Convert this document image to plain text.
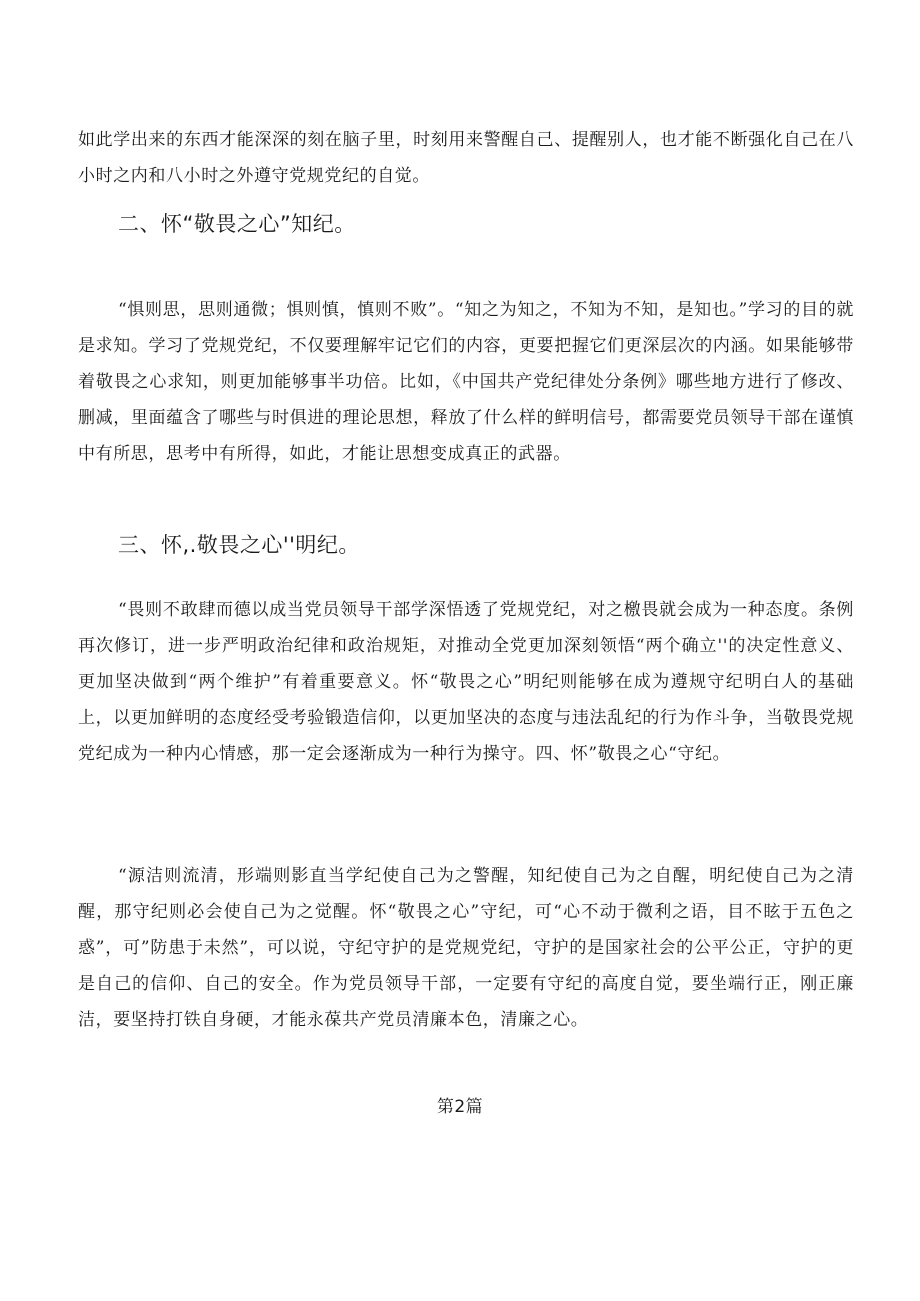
如此学出来的东西才能深深的刻在脑子里，时刻用来警醒自己、提醒别人，也才能不断强化自己在八小时之内和八小时之外遵守党规党纪的自觉。

二、怀“敬畏之心”知纪。

“惧则思，思则通微；惧则慎，慎则不败”。“知之为知之，不知为不知，是知也。”学习的目的就是求知。学习了党规党纪，不仅要理解牢记它们的内容，更要把握它们更深层次的内涵。如果能够带着敬畏之心求知，则更加能够事半功倍。比如，《中国共产党纪律处分条例》哪些地方进行了修改、删减，里面蕴含了哪些与时俱进的理论思想，释放了什么样的鲜明信号，都需要党员领导干部在谨慎中有所思，思考中有所得，如此，才能让思想变成真正的武器。

三、怀,.敬畏之心''明纪。

“畏则不敢肆而德以成当党员领导干部学深悟透了党规党纪，对之檄畏就会成为一种态度。条例再次修订，进一步严明政治纪律和政治规矩，对推动全党更加深刻领悟“两个确立''的决定性意义、更加坚决做到“两个维护”有着重要意义。怀“敬畏之心”明纪则能够在成为遵规守纪明白人的基础上，以更加鲜明的态度经受考验锻造信仰，以更加坚决的态度与违法乱纪的行为作斗争，当敬畏党规党纪成为一种内心情感，那一定会逐渐成为一种行为操守。四、怀”敬畏之心“守纪。

“源洁则流清，形端则影直当学纪使自己为之警醒，知纪使自己为之自醒，明纪使自己为之清醒，那守纪则必会使自己为之觉醒。怀“敬畏之心”守纪，可“心不动于微利之语，目不眩于五色之惑”，可”防患于未然”，可以说，守纪守护的是党规党纪，守护的是国家社会的公平公正，守护的更是自己的信仰、自己的安全。作为党员领导干部，一定要有守纪的高度自觉，要坐端行正，刚正廉洁，要坚持打铁自身硬，才能永葆共产党员清廉本色，清廉之心。

第2篇
